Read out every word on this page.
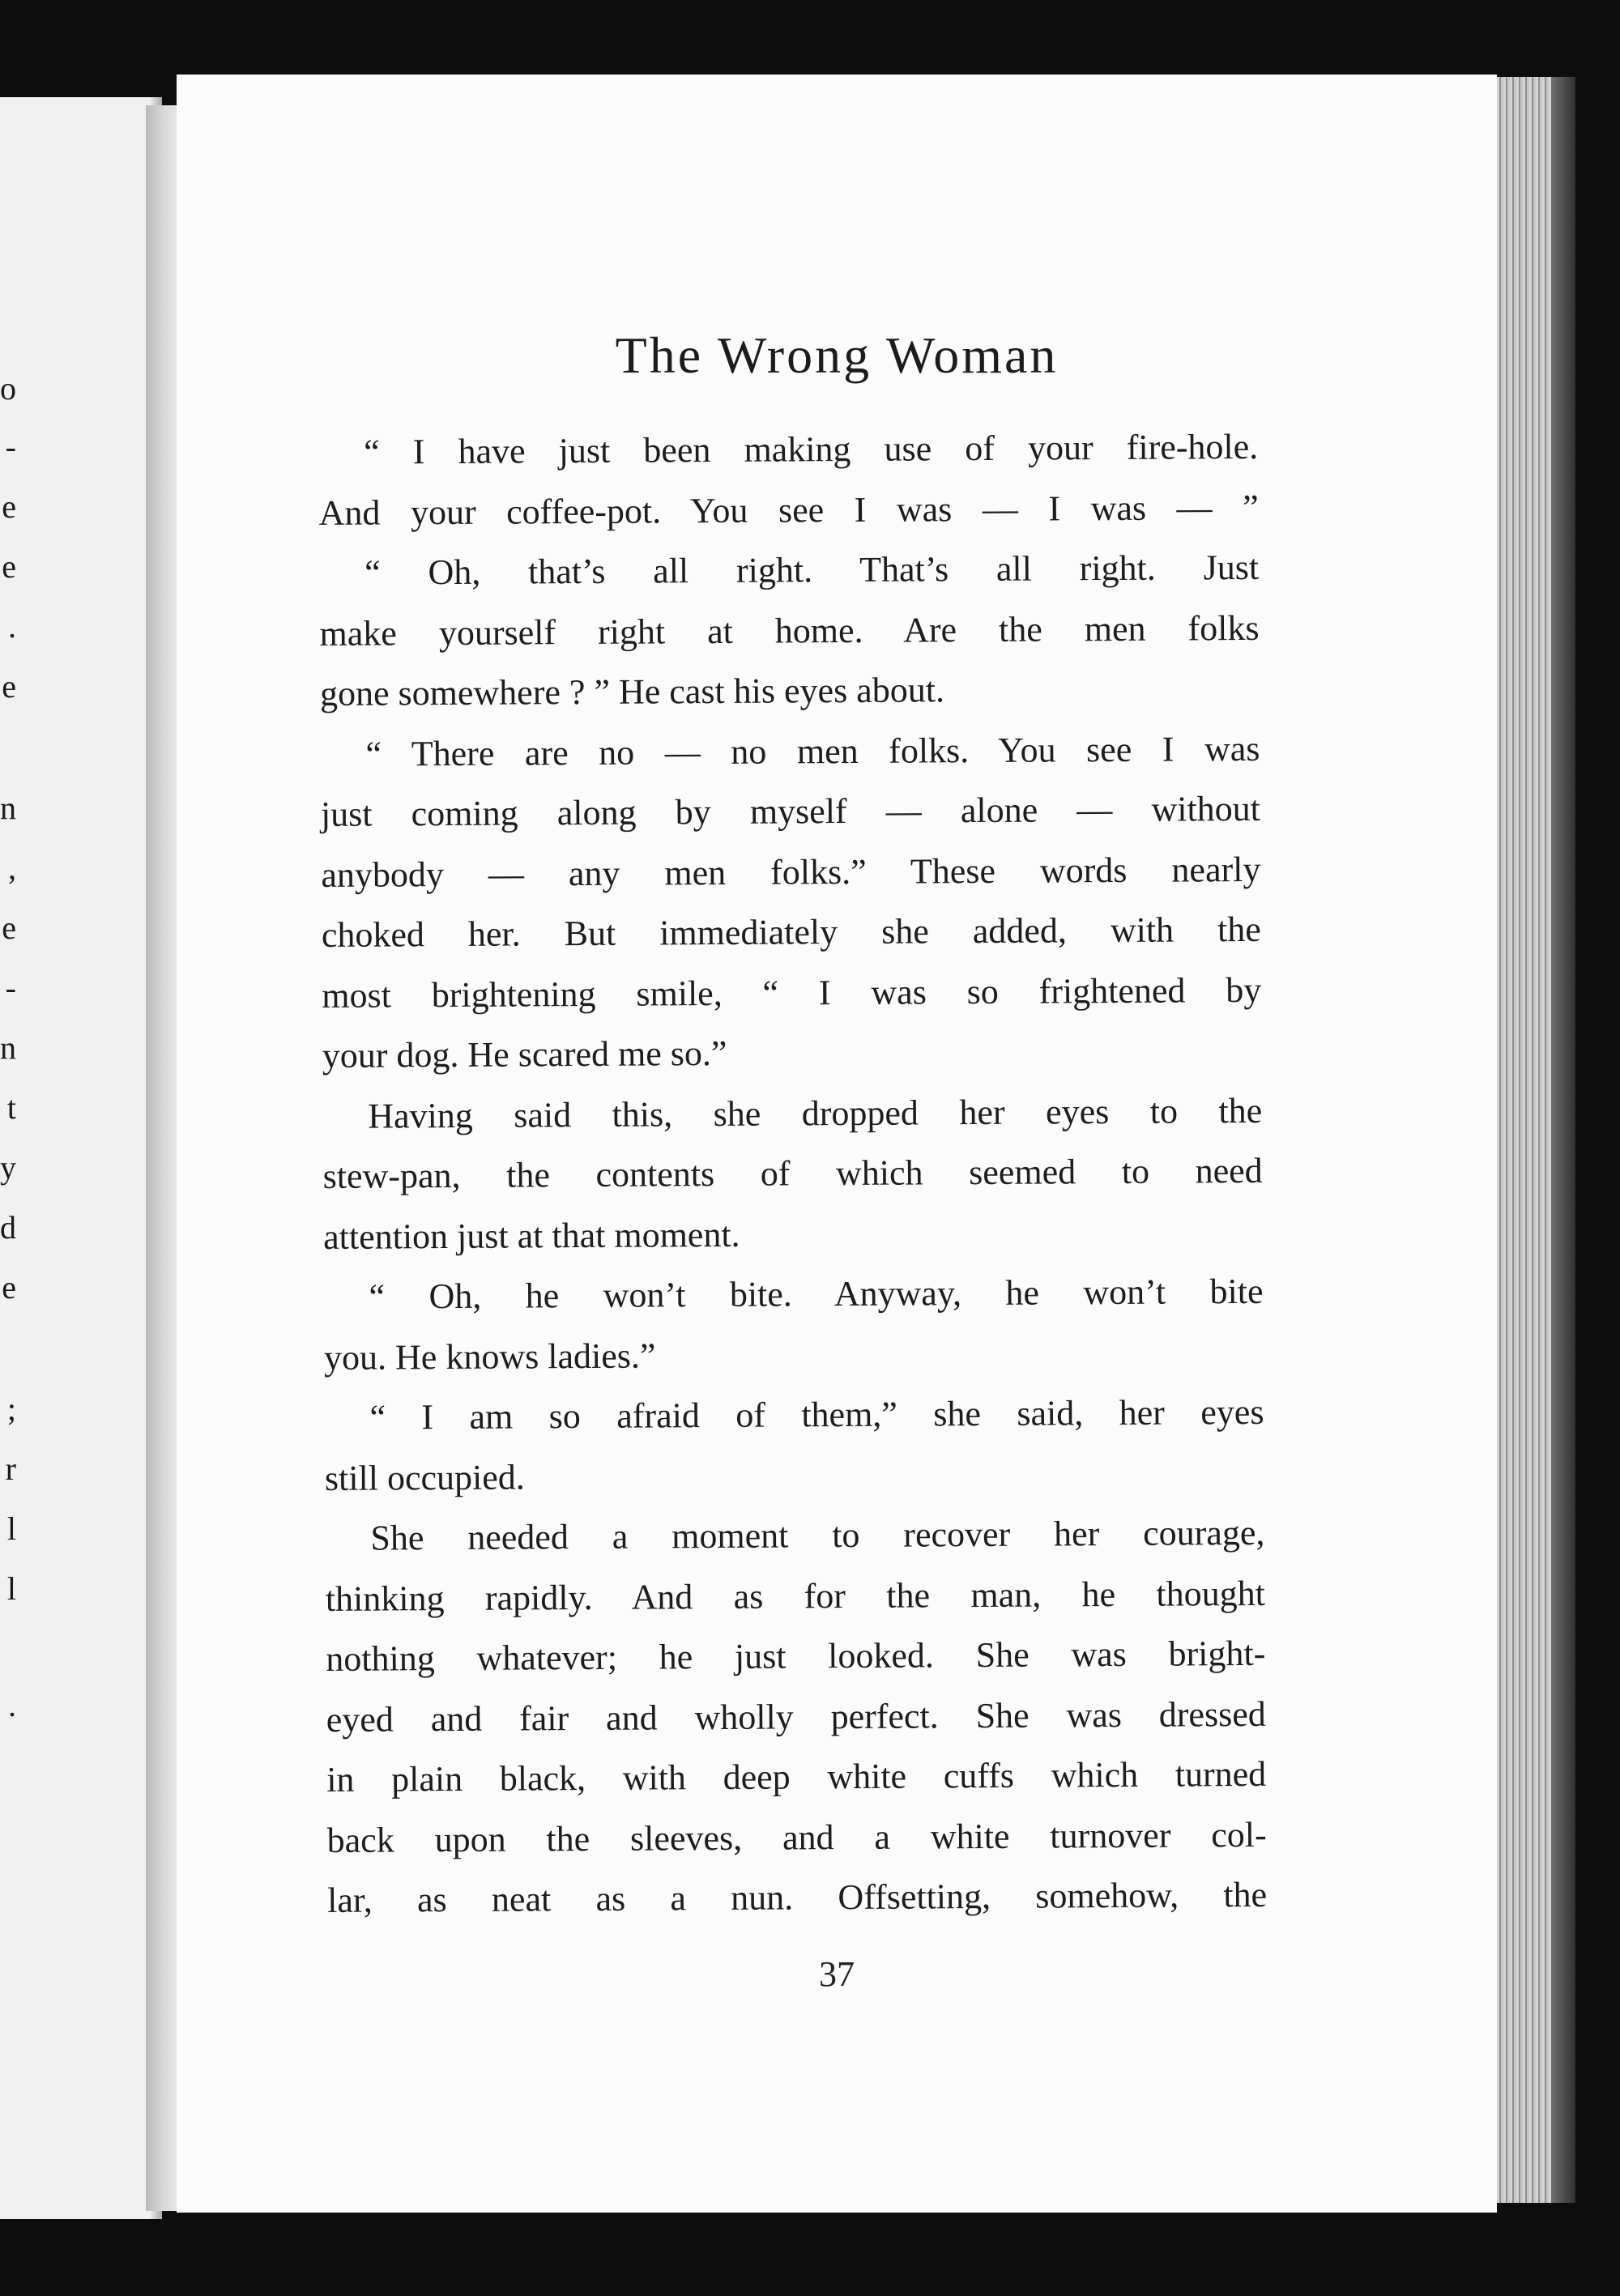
o
-
e
e
.
e
n
,
e
-
n
t
y
d
e
;
r
l
l
.
The Wrong Woman
“ I have just been making use of your fire-hole.
And your coffee-pot. You see I was — I was — ”
“ Oh, that’s all right. That’s all right. Just
make yourself right at home. Are the men folks
gone somewhere ? ” He cast his eyes about.
“ There are no — no men folks. You see I was
just coming along by myself — alone — without
anybody — any men folks.” These words nearly
choked her. But immediately she added, with the
most brightening smile, “ I was so frightened by
your dog. He scared me so.”
Having said this, she dropped her eyes to the
stew-pan, the contents of which seemed to need
attention just at that moment.
“ Oh, he won’t bite. Anyway, he won’t bite
you. He knows ladies.”
“ I am so afraid of them,” she said, her eyes
still occupied.
She needed a moment to recover her courage,
thinking rapidly. And as for the man, he thought
nothing whatever; he just looked. She was bright-
eyed and fair and wholly perfect. She was dressed
in plain black, with deep white cuffs which turned
back upon the sleeves, and a white turnover col-
lar, as neat as a nun. Offsetting, somehow, the
37
